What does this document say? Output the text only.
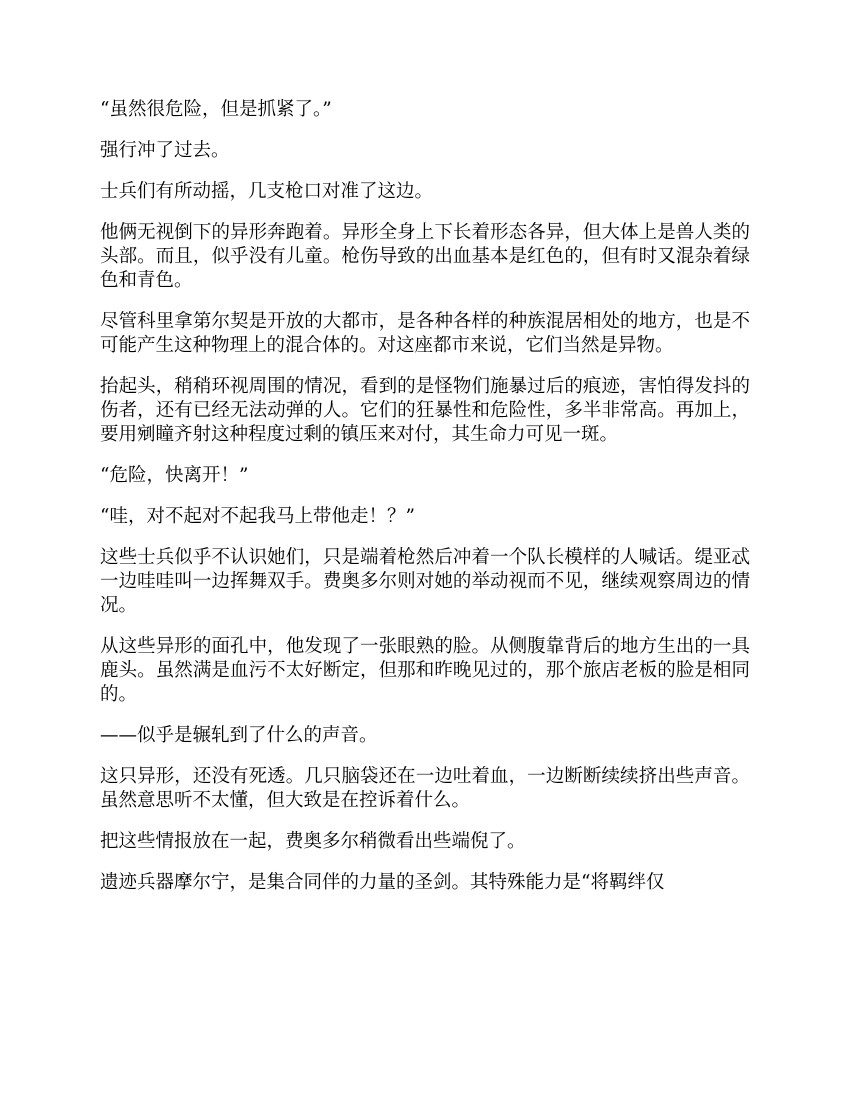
“虽然很危险，但是抓紧了。”

强行冲了过去。

士兵们有所动摇，几支枪口对准了这边。

他俩无视倒下的异形奔跑着。异形全身上下长着形态各异，但大体上是兽人类的头部。而且，似乎没有儿童。枪伤导致的出血基本是红色的，但有时又混杂着绿色和青色。

尽管科里拿第尔契是开放的大都市，是各种各样的种族混居相处的地方，也是不可能产生这种物理上的混合体的。对这座都市来说，它们当然是异物。

抬起头，稍稍环视周围的情况，看到的是怪物们施暴过后的痕迹，害怕得发抖的伤者，还有已经无法动弹的人。它们的狂暴性和危险性，多半非常高。再加上，要用剜瞳齐射这种程度过剩的镇压来对付，其生命力可见一斑。

“危险，快离开！”

“哇，对不起对不起我马上带他走！？”

这些士兵似乎不认识她们，只是端着枪然后冲着一个队长模样的人喊话。缇亚忒一边哇哇叫一边挥舞双手。费奥多尔则对她的举动视而不见，继续观察周边的情况。

从这些异形的面孔中，他发现了一张眼熟的脸。从侧腹靠背后的地方生出的一具鹿头。虽然满是血污不太好断定，但那和昨晚见过的，那个旅店老板的脸是相同的。

——似乎是辗轧到了什么的声音。

这只异形，还没有死透。几只脑袋还在一边吐着血，一边断断续续挤出些声音。虽然意思听不太懂，但大致是在控诉着什么。

把这些情报放在一起，费奥多尔稍微看出些端倪了。

遗迹兵器摩尔宁，是集合同伴的力量的圣剑。其特殊能力是“将羁绊仅
